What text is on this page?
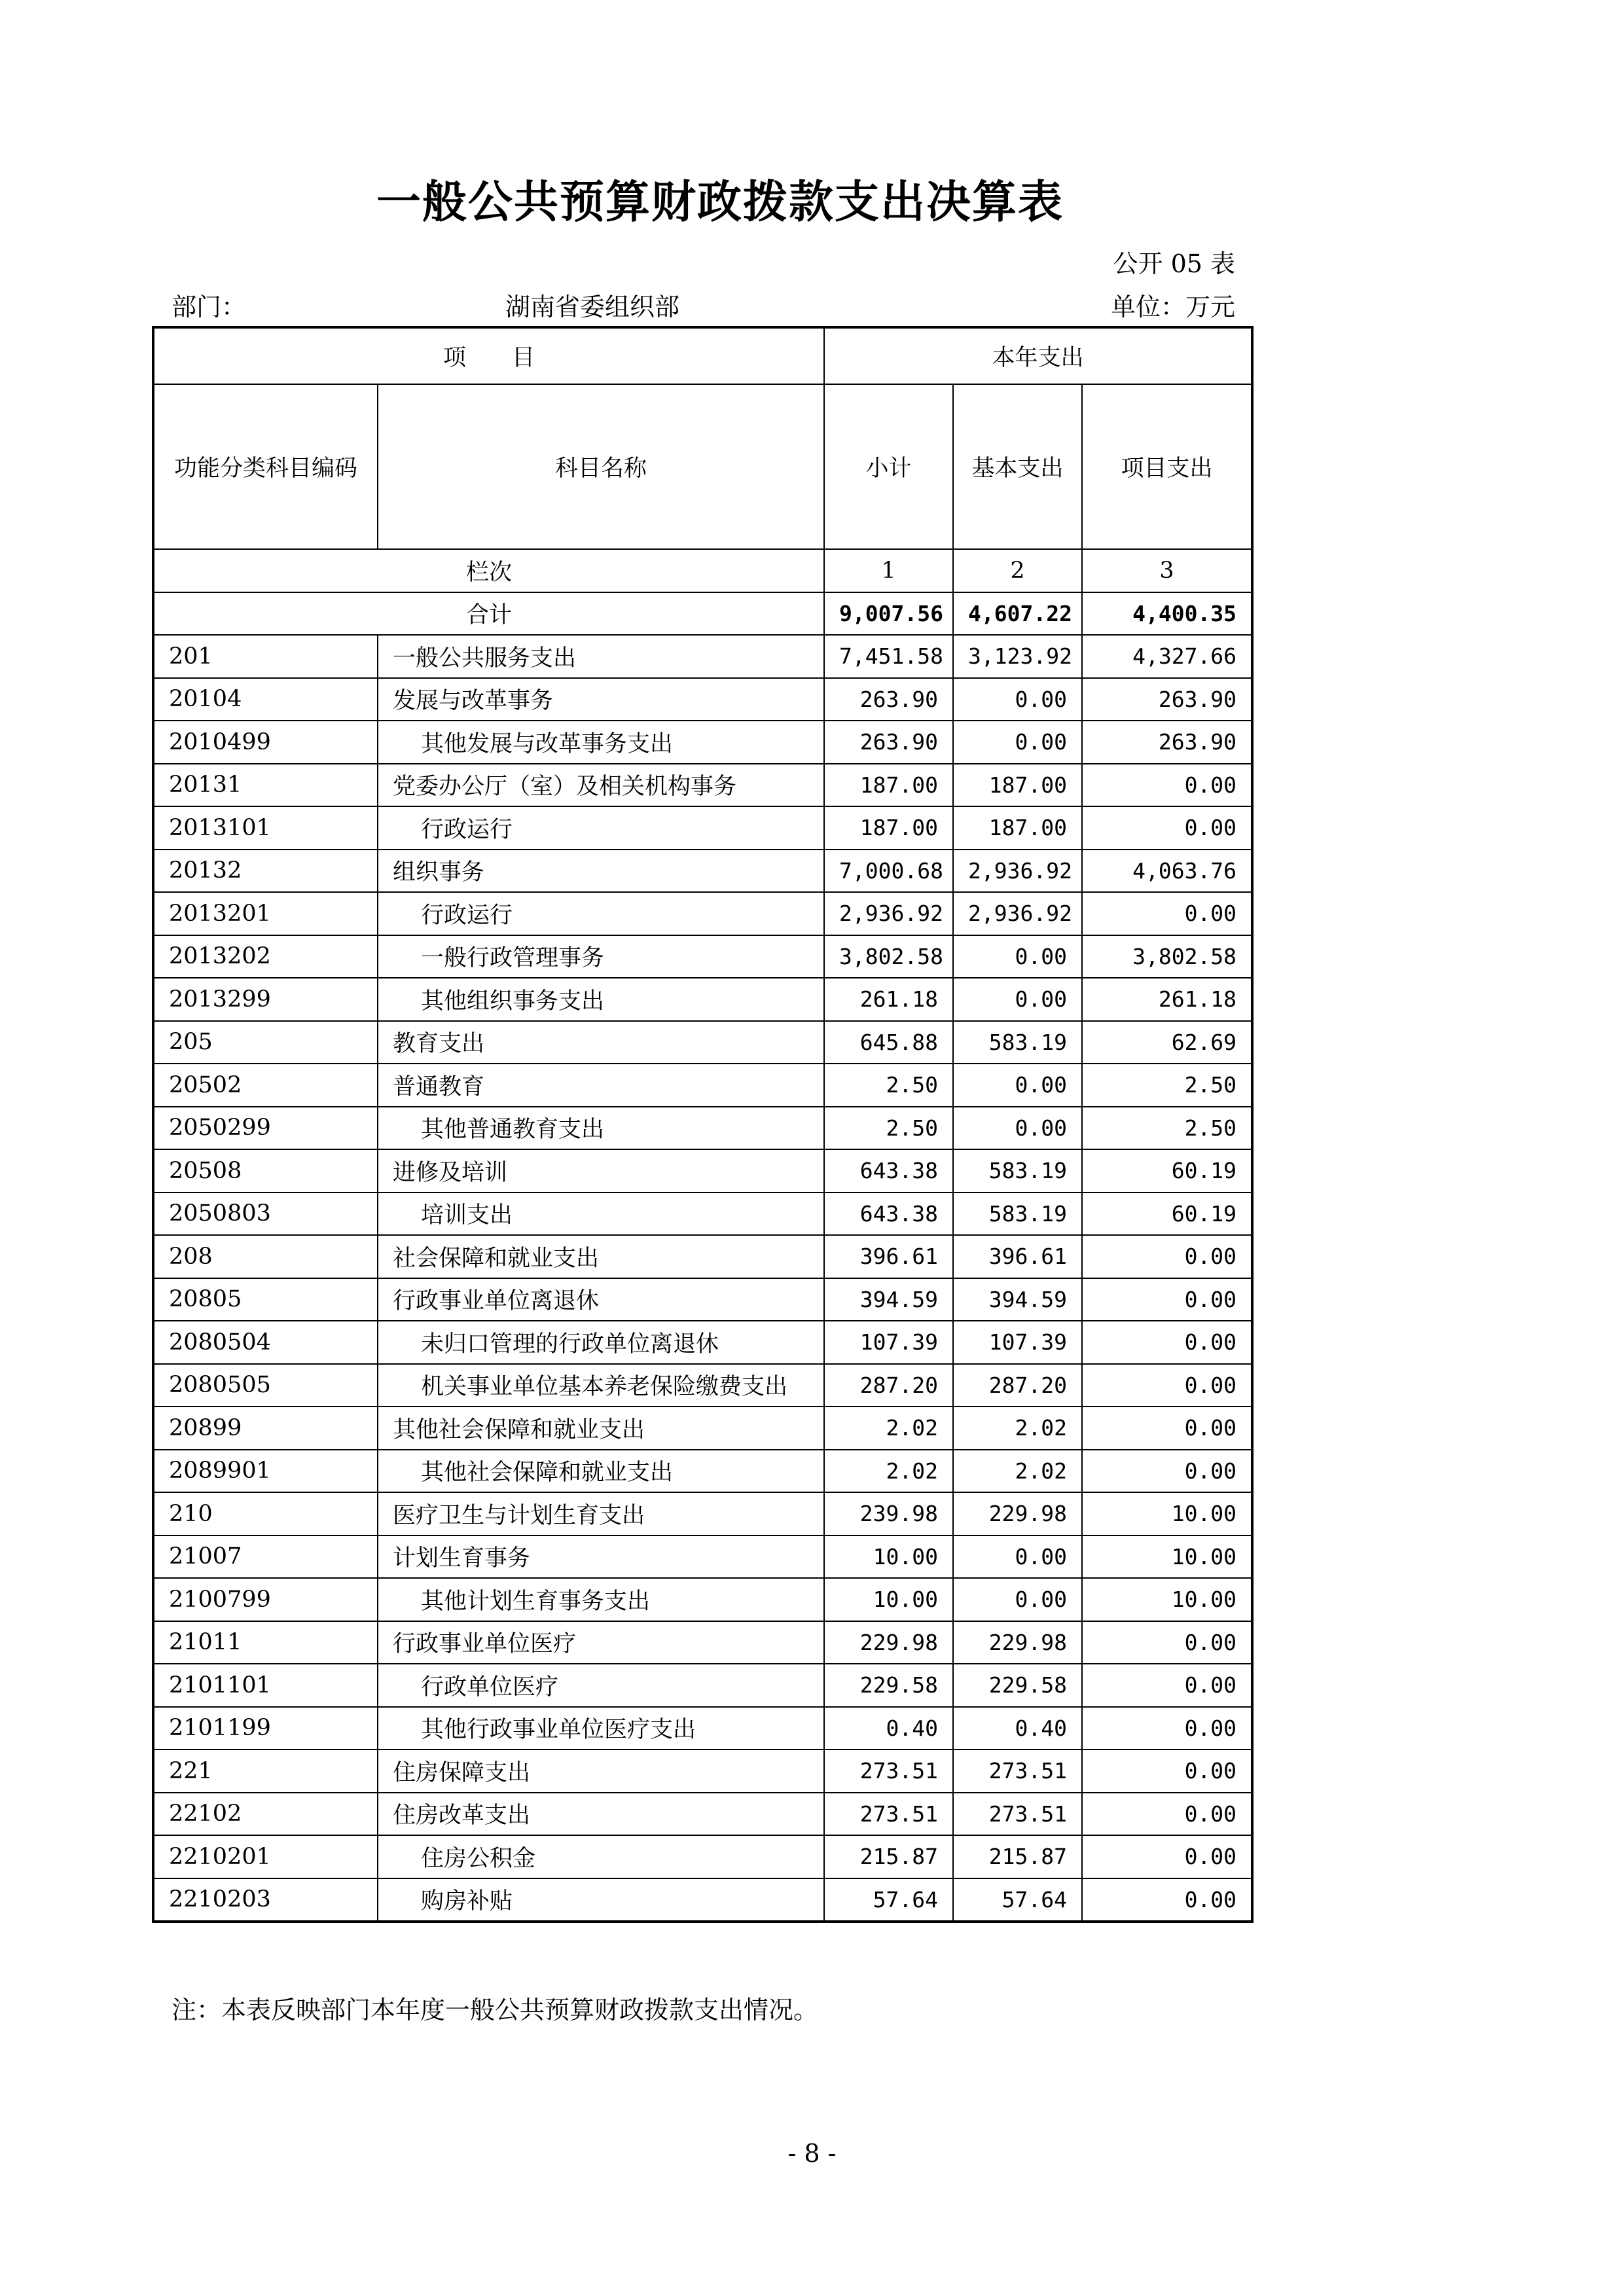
一般公共预算财政拨款支出决算表
公开 05 表
部门：	湖南省委组织部	单位：万元
项　　目		本年支出		
功能分类科目编码	科目名称	小计	基本支出	项目支出
栏次		1	2	3
合计		9,007.56	4,607.22	4,400.35
201	一般公共服务支出	7,451.58	3,123.92	4,327.66
20104	发展与改革事务	263.90	0.00	263.90
2010499	其他发展与改革事务支出	263.90	0.00	263.90
20131	党委办公厅（室）及相关机构事务	187.00	187.00	0.00
2013101	行政运行	187.00	187.00	0.00
20132	组织事务	7,000.68	2,936.92	4,063.76
2013201	行政运行	2,936.92	2,936.92	0.00
2013202	一般行政管理事务	3,802.58	0.00	3,802.58
2013299	其他组织事务支出	261.18	0.00	261.18
205	教育支出	645.88	583.19	62.69
20502	普通教育	2.50	0.00	2.50
2050299	其他普通教育支出	2.50	0.00	2.50
20508	进修及培训	643.38	583.19	60.19
2050803	培训支出	643.38	583.19	60.19
208	社会保障和就业支出	396.61	396.61	0.00
20805	行政事业单位离退休	394.59	394.59	0.00
2080504	未归口管理的行政单位离退休	107.39	107.39	0.00
2080505	机关事业单位基本养老保险缴费支出	287.20	287.20	0.00
20899	其他社会保障和就业支出	2.02	2.02	0.00
2089901	其他社会保障和就业支出	2.02	2.02	0.00
210	医疗卫生与计划生育支出	239.98	229.98	10.00
21007	计划生育事务	10.00	0.00	10.00
2100799	其他计划生育事务支出	10.00	0.00	10.00
21011	行政事业单位医疗	229.98	229.98	0.00
2101101	行政单位医疗	229.58	229.58	0.00
2101199	其他行政事业单位医疗支出	0.40	0.40	0.00
221	住房保障支出	273.51	273.51	0.00
22102	住房改革支出	273.51	273.51	0.00
2210201	住房公积金	215.87	215.87	0.00
2210203	购房补贴	57.64	57.64	0.00
注：本表反映部门本年度一般公共预算财政拨款支出情况。
- 8 -
